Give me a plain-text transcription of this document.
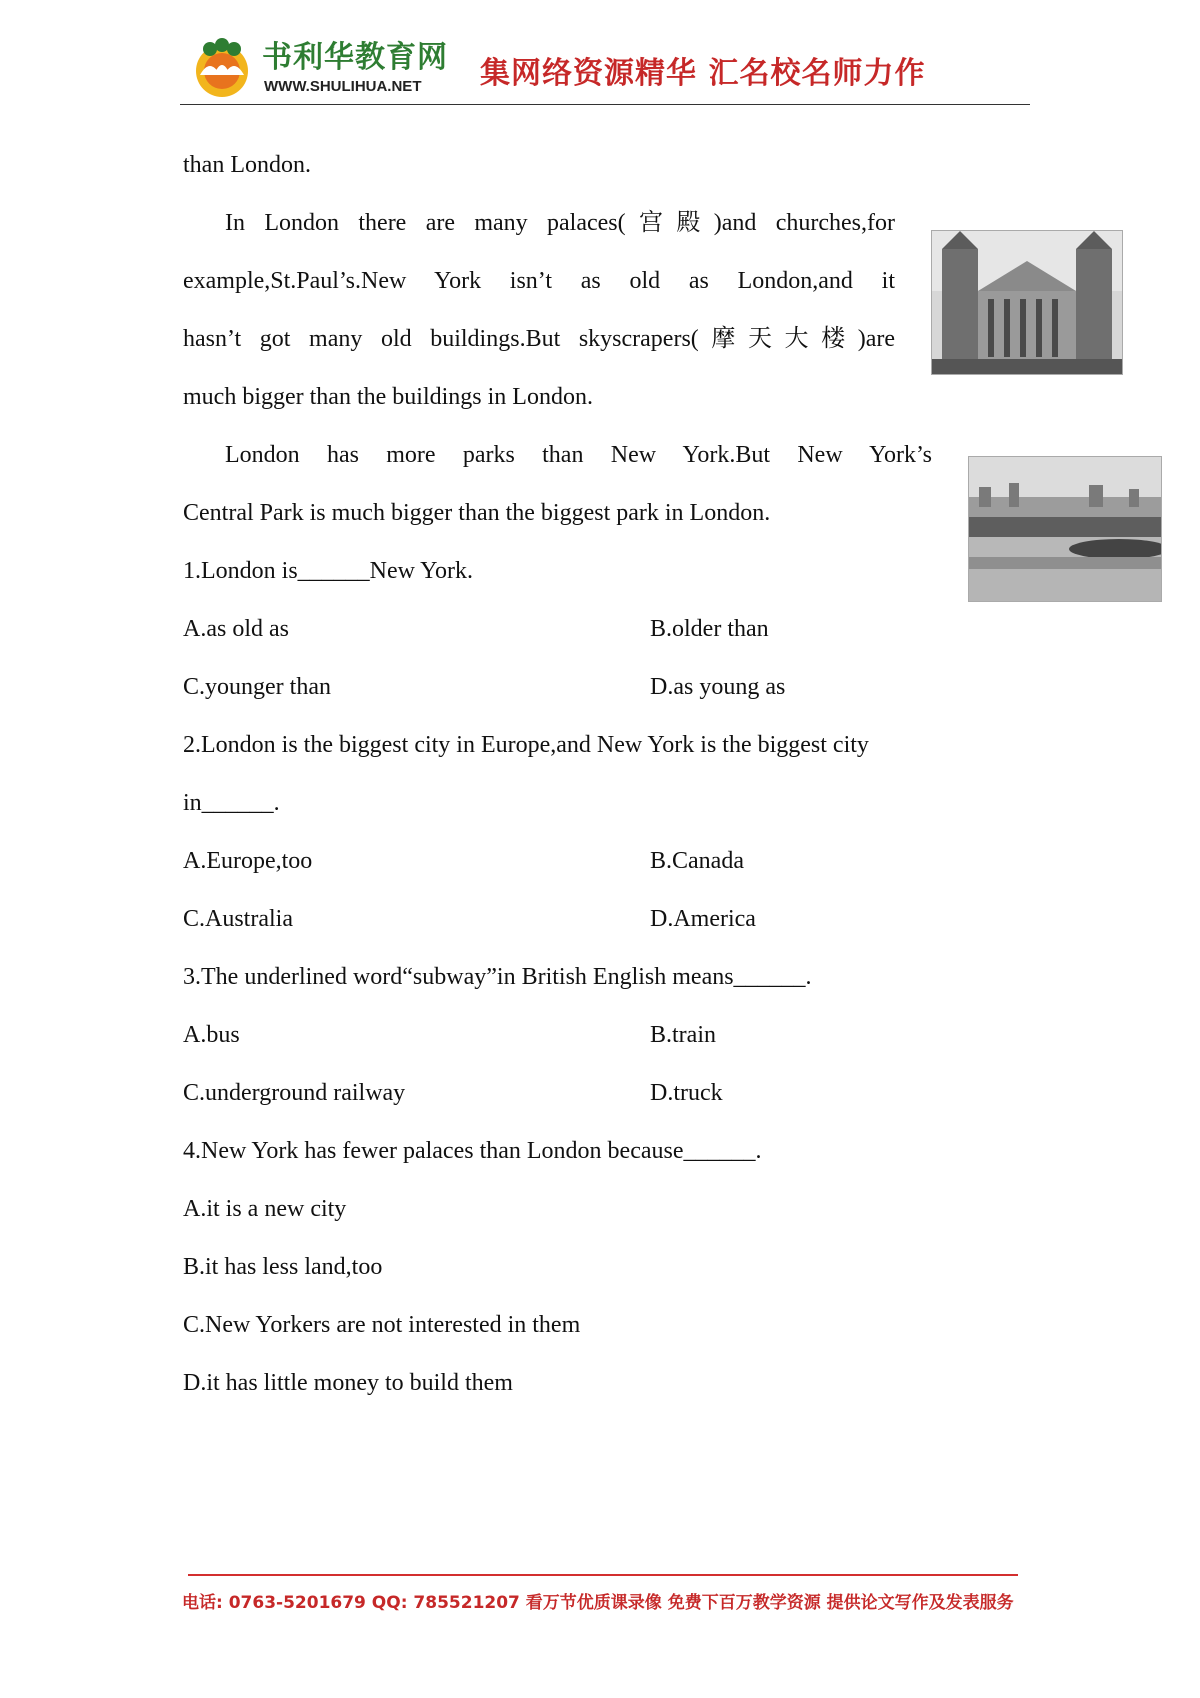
书利华教育网
WWW.SHULIHUA.NET 集网络资源精华 汇名校名师力作
than London.
In London there are many palaces(宫殿)and churches,for
example,St.Paul’s.New York isn’t as old as London,and it
hasn’t got many old buildings.But skyscrapers(摩天大楼)are
much bigger than the buildings in London.
London has more parks than New York.But New York’s
Central Park is much bigger than the biggest park in London.
1.London is______New York.
A.as old as	B.older than
C.younger than	D.as young as
2.London is the biggest city in Europe,and New York is the biggest city
in______.
A.Europe,too	B.Canada
C.Australia	D.America
3.The underlined word“subway”in British English means______.
A.bus	B.train
C.underground railway	D.truck
4.New York has fewer palaces than London because______.
A.it is a new city
B.it has less land,too
C.New Yorkers are not interested in them
D.it has little money to build them
电话: 0763-5201679 QQ: 785521207 看万节优质课录像 免费下百万教学资源 提供论文写作及发表服务
